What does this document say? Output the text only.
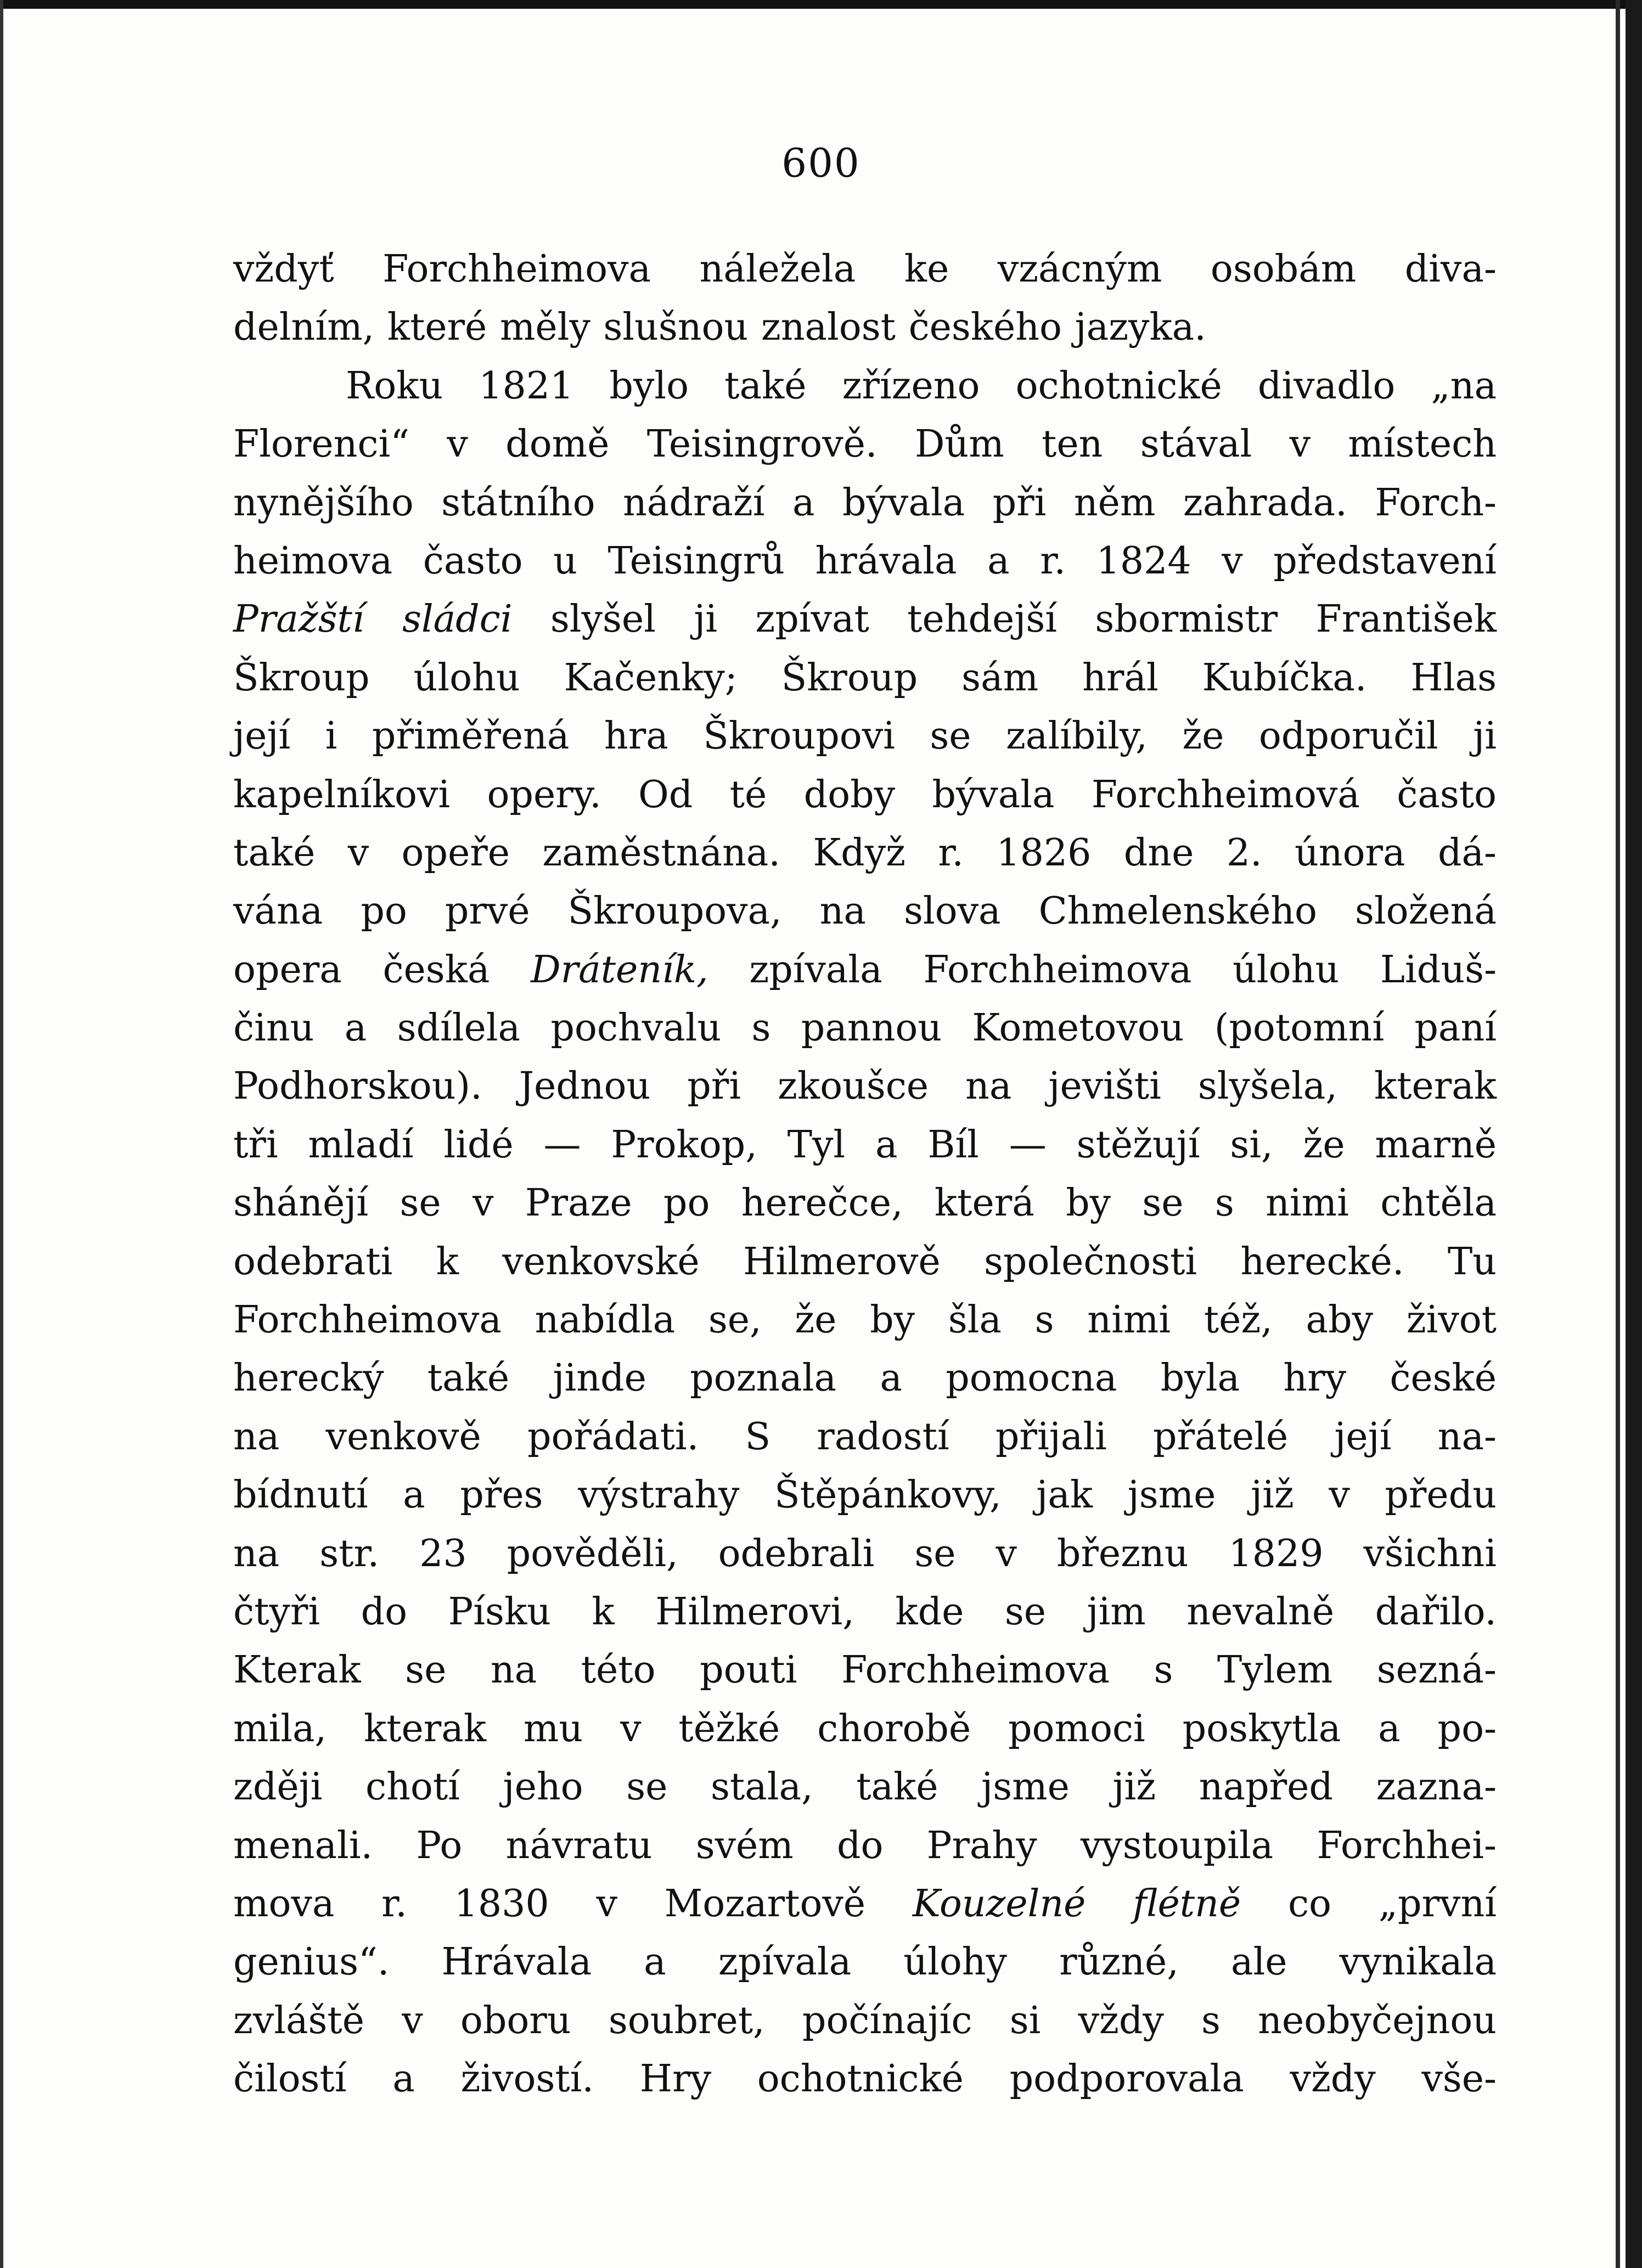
600
vždyť Forchheimova náležela ke vzácným osobám diva-
delním, které měly slušnou znalost českého jazyka.
Roku 1821 bylo také zřízeno ochotnické divadlo „na
Florenci“ v domě Teisingrově. Dům ten stával v místech
nynějšího státního nádraží a bývala při něm zahrada. Forch-
heimova často u Teisingrů hrávala a r. 1824 v představení
Pražští sládci slyšel ji zpívat tehdejší sbormistr František
Škroup úlohu Kačenky; Škroup sám hrál Kubíčka. Hlas
její i přiměřená hra Škroupovi se zalíbily, že odporučil ji
kapelníkovi opery. Od té doby bývala Forchheimová často
také v opeře zaměstnána. Když r. 1826 dne 2. února dá-
vána po prvé Škroupova, na slova Chmelenského složená
opera česká Dráteník, zpívala Forchheimova úlohu Liduš-
činu a sdílela pochvalu s pannou Kometovou (potomní paní
Podhorskou). Jednou při zkoušce na jevišti slyšela, kterak
tři mladí lidé — Prokop, Tyl a Bíl — stěžují si, že marně
shánějí se v Praze po herečce, která by se s nimi chtěla
odebrati k venkovské Hilmerově společnosti herecké. Tu
Forchheimova nabídla se, že by šla s nimi též, aby život
herecký také jinde poznala a pomocna byla hry české
na venkově pořádati. S radostí přijali přátelé její na-
bídnutí a přes výstrahy Štěpánkovy, jak jsme již v předu
na str. 23 pověděli, odebrali se v březnu 1829 všichni
čtyři do Písku k Hilmerovi, kde se jim nevalně dařilo.
Kterak se na této pouti Forchheimova s Tylem sezná-
mila, kterak mu v těžké chorobě pomoci poskytla a po-
zději chotí jeho se stala, také jsme již napřed zazna-
menali. Po návratu svém do Prahy vystoupila Forchhei-
mova r. 1830 v Mozartově Kouzelné flétně co „první
genius“. Hrávala a zpívala úlohy různé, ale vynikala
zvláště v oboru soubret, počínajíc si vždy s neobyčejnou
čilostí a živostí. Hry ochotnické podporovala vždy vše-
